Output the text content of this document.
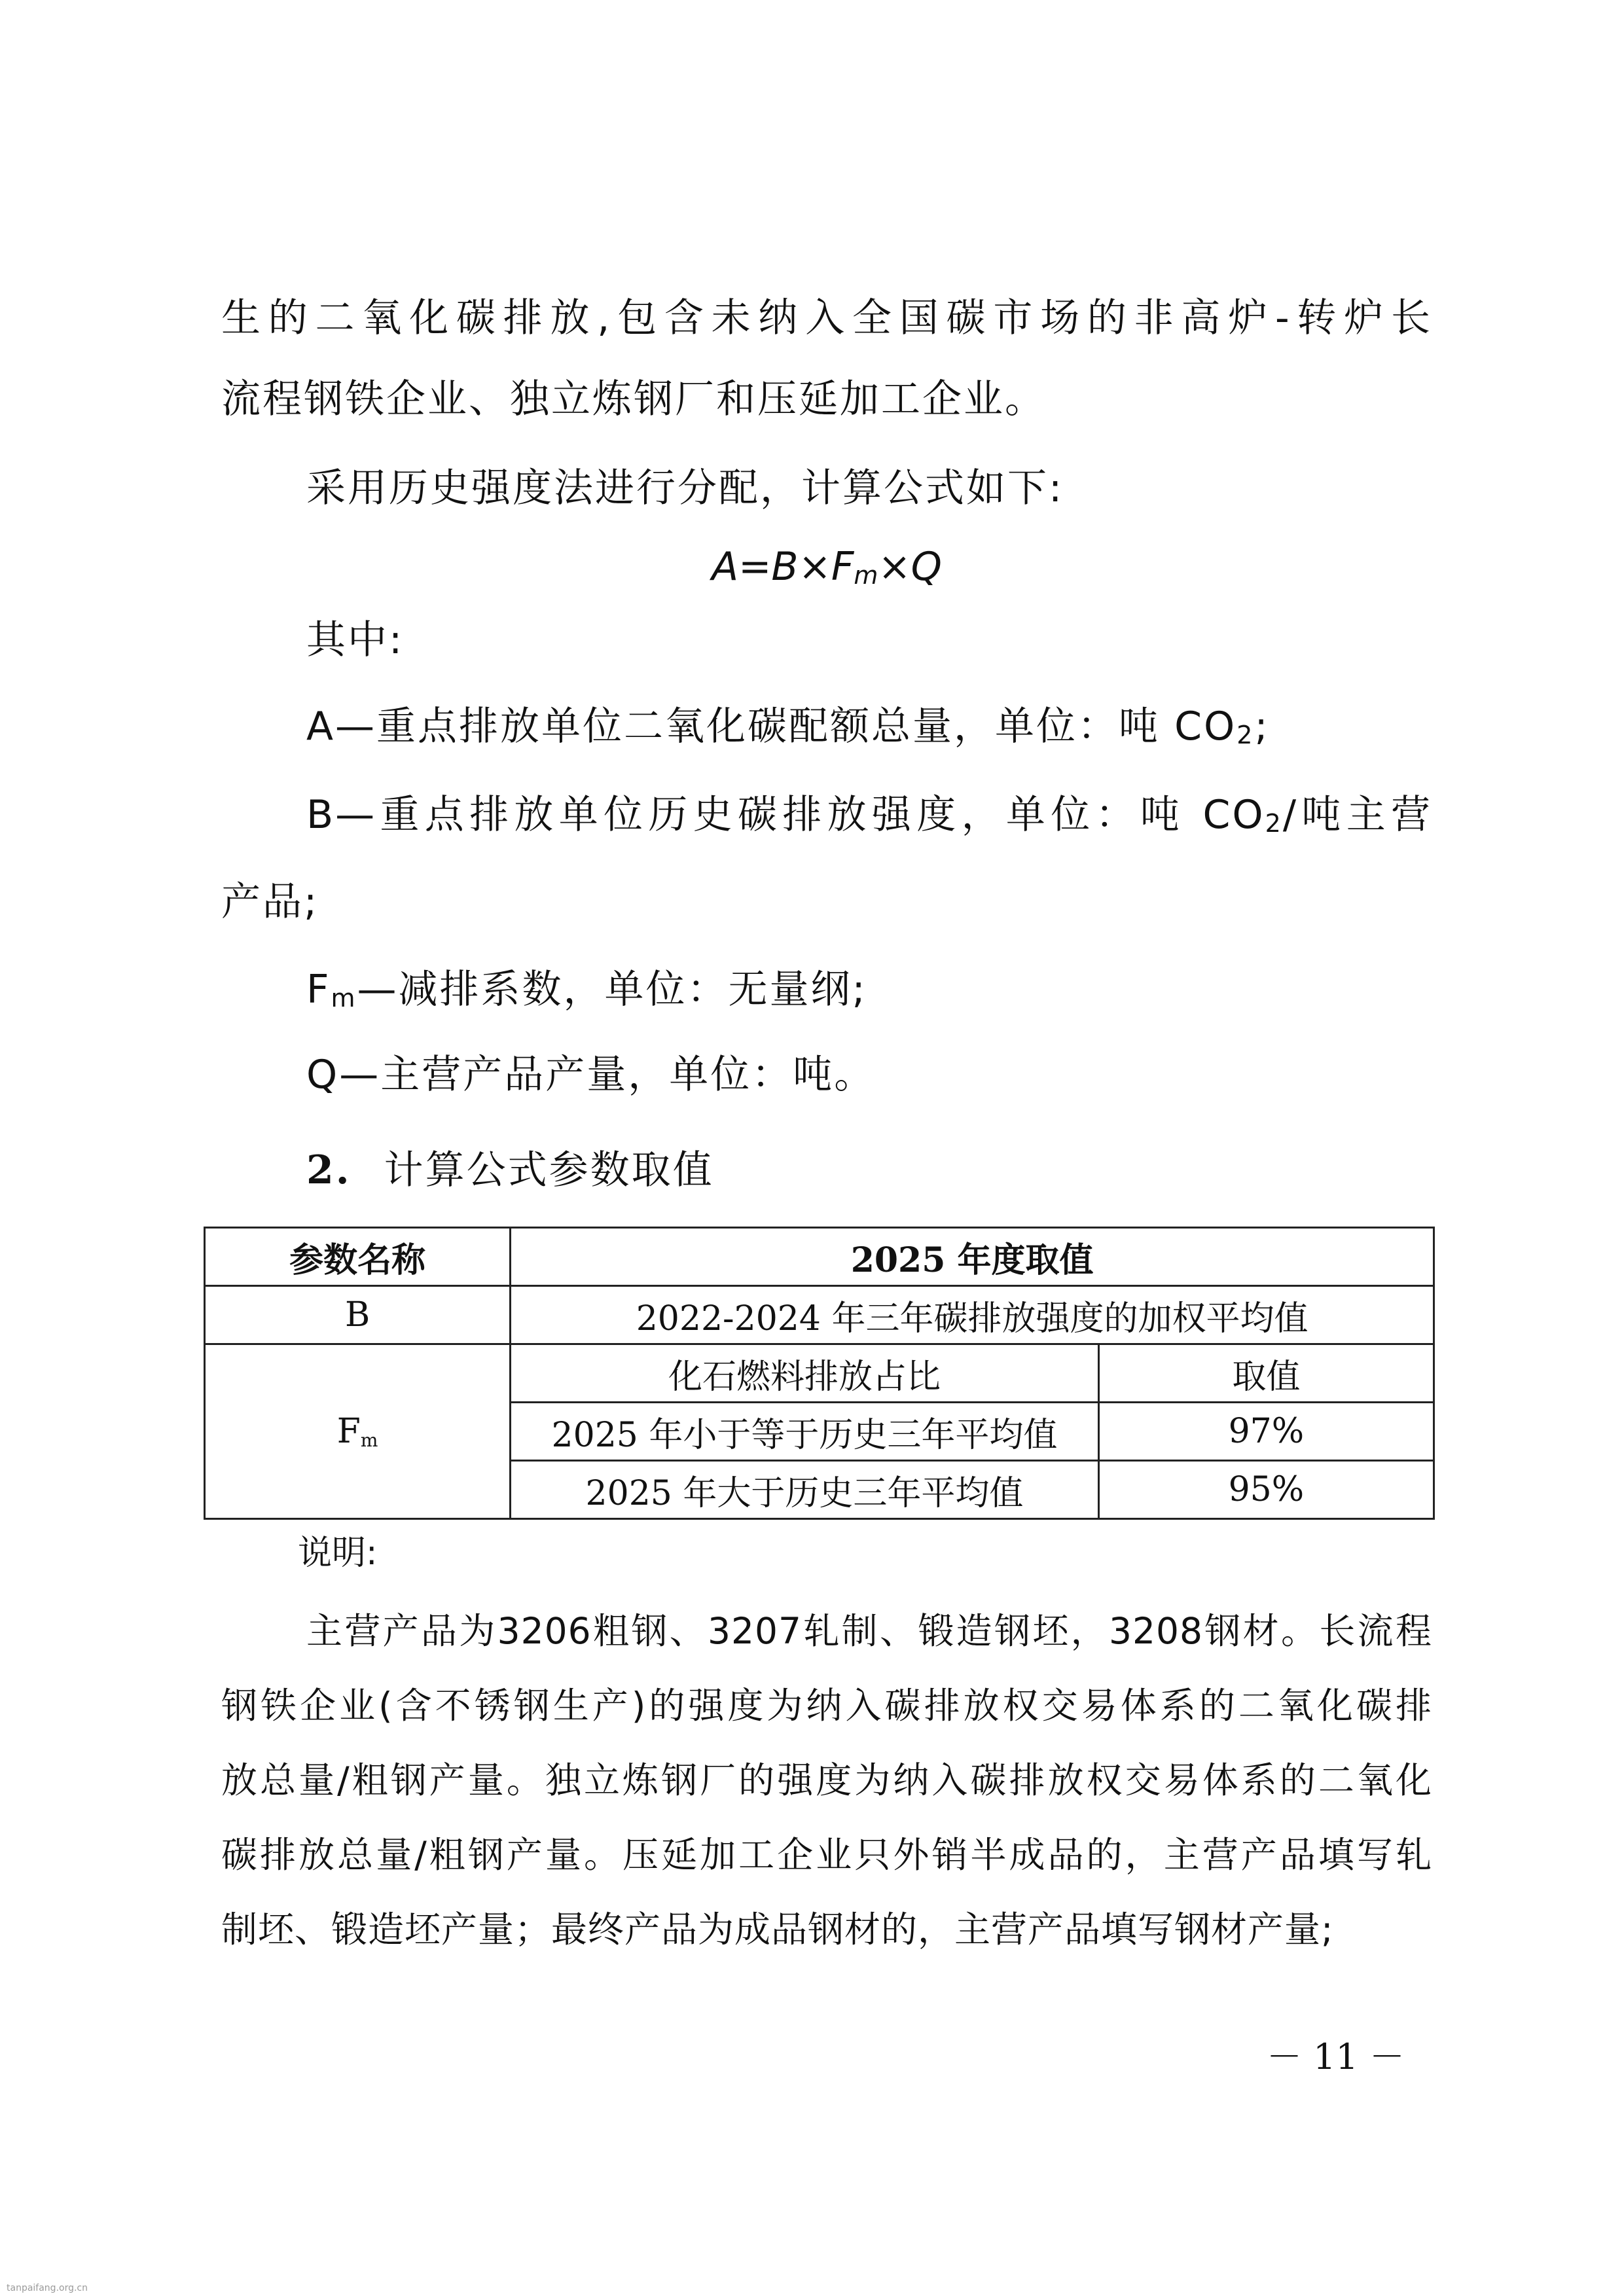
生的二氧化碳排放,包含未纳入全国碳市场的非高炉-转炉长
流程钢铁企业、独立炼钢厂和压延加工企业。
采用历史强度法进行分配，计算公式如下:
$A=B\times F_m\times Q$
其中:
A—重点排放单位二氧化碳配额总量，单位：吨 $CO_2$;
B—重点排放单位历史碳排放强度，单位：吨 $CO_2/$吨主营
产品;
$F_m—$减排系数，单位：无量纲;
Q—主营产品产量，单位：吨。
2. 计算公式参数取值
参数名称	2025 年度取值	
B	2022-2024 年三年碳排放强度的加权平均值	
$F_m$	化石燃料排放占比	取值
	2025 年小于等于历史三年平均值	97%
	2025 年大于历史三年平均值	95%
说明:
主营产品为3206粗钢、3207轧制、锻造钢坯，3208钢材。长流程
钢铁企业(含不锈钢生产)的强度为纳入碳排放权交易体系的二氧化碳排
放总量/粗钢产量。独立炼钢厂的强度为纳入碳排放权交易体系的二氧化
碳排放总量/粗钢产量。压延加工企业只外销半成品的，主营产品填写轧
制坯、锻造坯产量；最终产品为成品钢材的，主营产品填写钢材产量;
－ 11 －
tanpaifang.org.cn
